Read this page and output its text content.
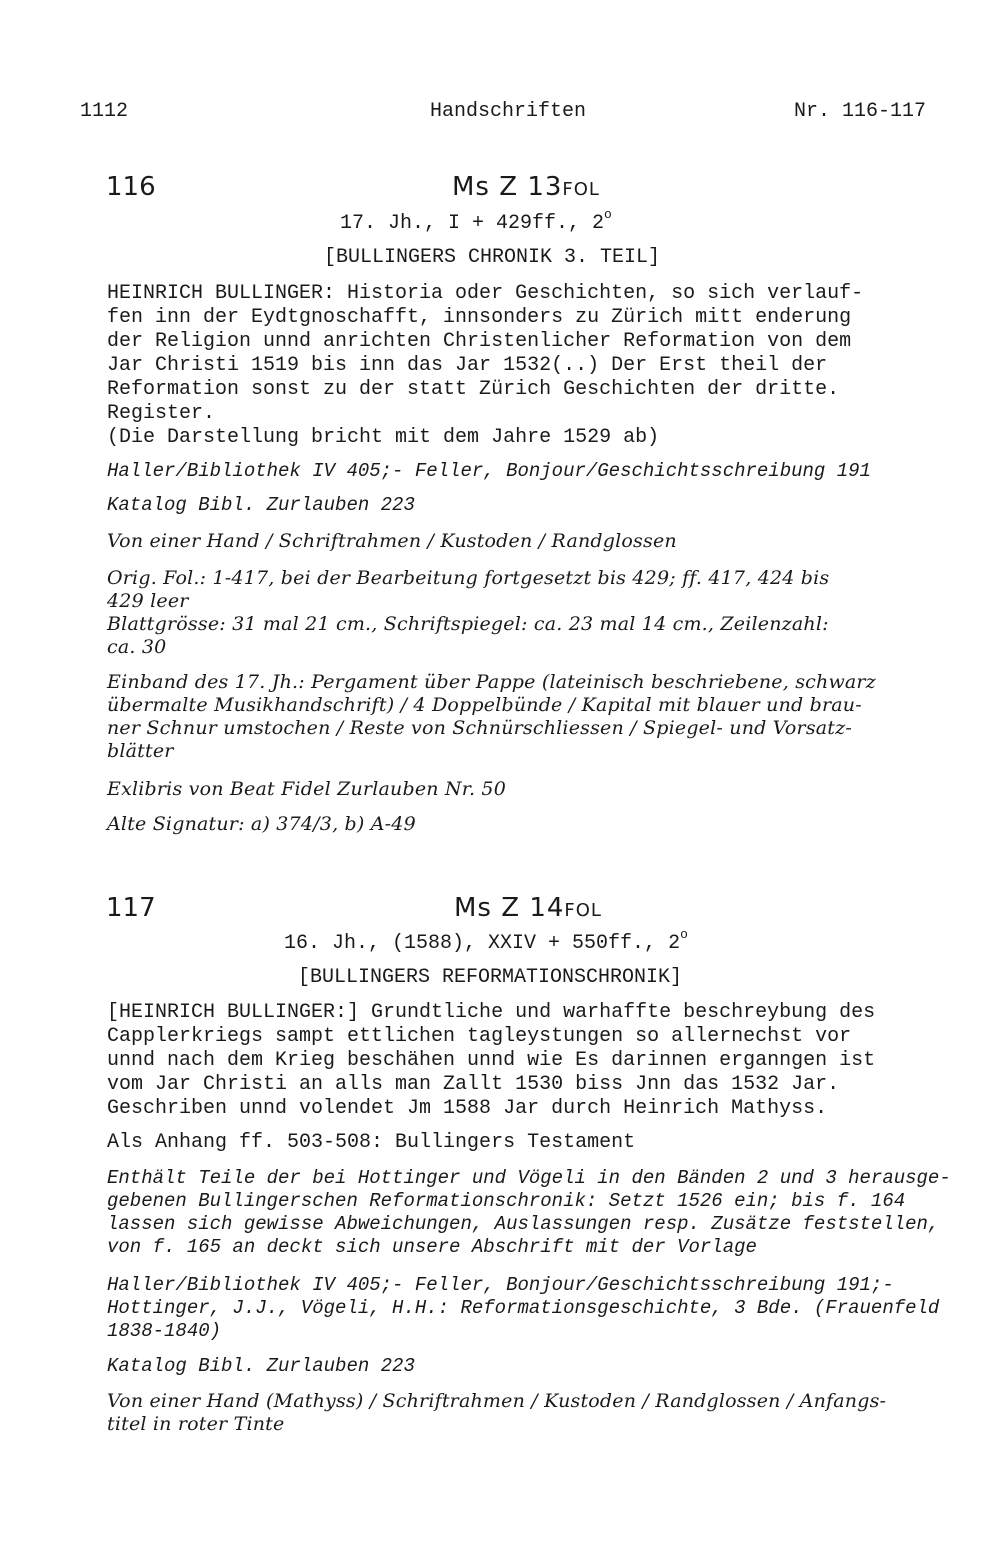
1112	Handschriften	Nr. 116-117
116	Ms Z 13FOL
17. Jh., I + 429ff., 2$^o$
[BULLINGERS CHRONIK 3. TEIL]
HEINRICH BULLINGER: Historia oder Geschichten, so sich verlauf-
fen inn der Eydtgnoschafft, innsonders zu Zürich mitt enderung
der Religion unnd anrichten Christenlicher Reformation von dem
Jar Christi 1519 bis inn das Jar 1532(..) Der Erst theil der
Reformation sonst zu der statt Zürich Geschichten der dritte.
Register.
(Die Darstellung bricht mit dem Jahre 1529 ab)
Haller/Bibliothek IV 405;- Feller, Bonjour/Geschichtsschreibung 191
Katalog Bibl. Zurlauben 223
Von einer Hand / Schriftrahmen / Kustoden / Randglossen
Orig. Fol.: 1-417, bei der Bearbeitung fortgesetzt bis 429; ff. 417, 424 bis
429 leer
Blattgrösse: 31 mal 21 cm., Schriftspiegel: ca. 23 mal 14 cm., Zeilenzahl:
ca. 30
Einband des 17. Jh.: Pergament über Pappe (lateinisch beschriebene, schwarz
übermalte Musikhandschrift) / 4 Doppelbünde / Kapital mit blauer und brau-
ner Schnur umstochen / Reste von Schnürschliessen / Spiegel- und Vorsatz-
blätter
Exlibris von Beat Fidel Zurlauben Nr. 50
Alte Signatur: a) 374/3, b) A-49
117	Ms Z 14FOL
16. Jh., (1588), XXIV + 550ff., 2$^o$
[BULLINGERS REFORMATIONSCHRONIK]
[HEINRICH BULLINGER:] Grundtliche und warhaffte beschreybung des
Capplerkriegs sampt ettlichen tagleystungen so allernechst vor
unnd nach dem Krieg beschähen unnd wie Es darinnen erganngen ist
vom Jar Christi an alls man Zallt 1530 biss Jnn das 1532 Jar.
Geschriben unnd volendet Jm 1588 Jar durch Heinrich Mathyss.
Als Anhang ff. 503-508: Bullingers Testament
Enthält Teile der bei Hottinger und Vögeli in den Bänden 2 und 3 herausge-
gebenen Bullingerschen Reformationschronik: Setzt 1526 ein; bis f. 164
lassen sich gewisse Abweichungen, Auslassungen resp. Zusätze feststellen,
von f. 165 an deckt sich unsere Abschrift mit der Vorlage
Haller/Bibliothek IV 405;- Feller, Bonjour/Geschichtsschreibung 191;-
Hottinger, J.J., Vögeli, H.H.: Reformationsgeschichte, 3 Bde. (Frauenfeld
1838-1840)
Katalog Bibl. Zurlauben 223
Von einer Hand (Mathyss) / Schriftrahmen / Kustoden / Randglossen / Anfangs-
titel in roter Tinte
